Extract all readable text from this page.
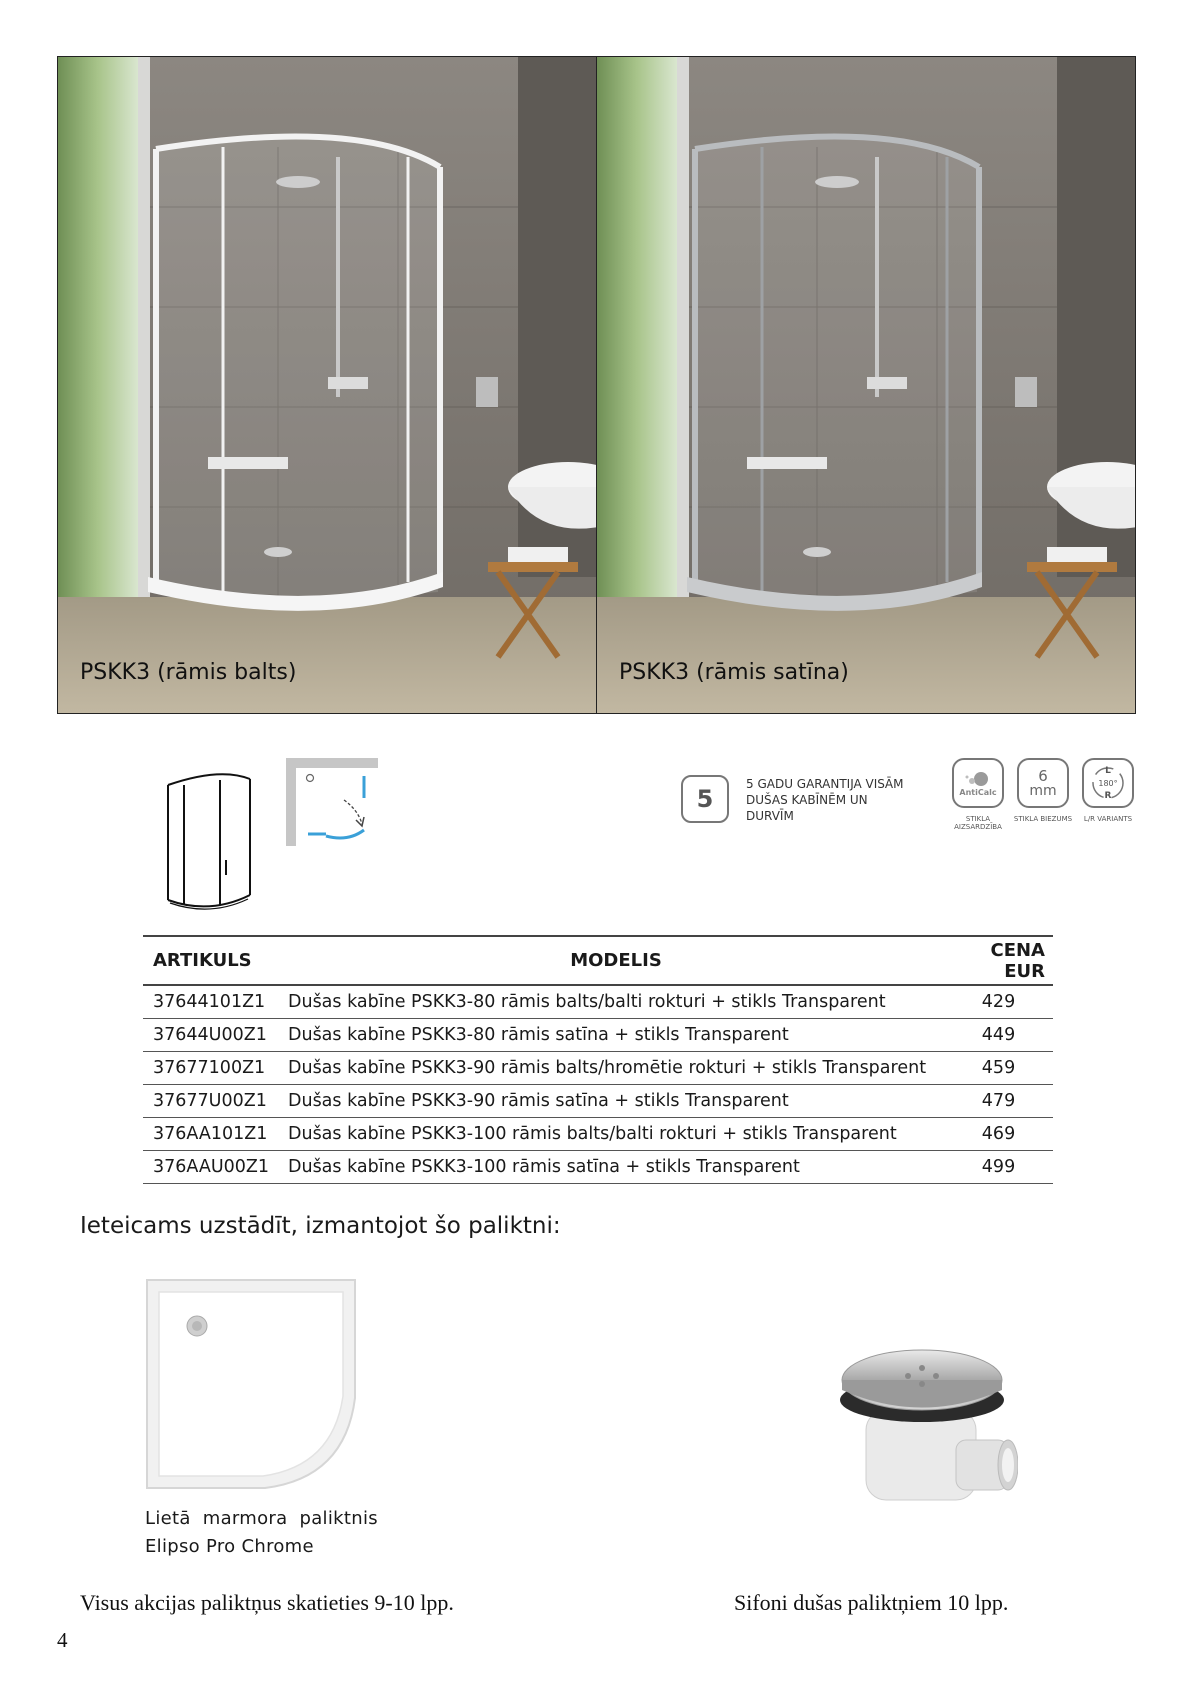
PSKK3 (rāmis balts)	PSKK3 (rāmis satīna)
5
5 GADU GARANTIJA VISĀM DUŠAS KABĪNĒM UN DURVĪM
AntiCalc
STIKLA AIZSARDZĪBA
6
mm
STIKLA BIEZUMS
L
180°
R
L/R VARIANTS
ARTIKULS	MODELIS	CENA EUR
37644101Z1	Dušas kabīne PSKK3-80 rāmis balts/balti rokturi + stikls Transparent	429
37644U00Z1	Dušas kabīne PSKK3-80 rāmis satīna + stikls Transparent	449
37677100Z1	Dušas kabīne PSKK3-90 rāmis balts/hromētie rokturi + stikls Transparent	459
37677U00Z1	Dušas kabīne PSKK3-90 rāmis satīna + stikls Transparent	479
376AA101Z1	Dušas kabīne PSKK3-100 rāmis balts/balti rokturi + stikls Transparent	469
376AAU00Z1	Dušas kabīne PSKK3-100 rāmis satīna + stikls Transparent	499
Ieteicams uzstādīt, izmantojot šo paliktni:
Lietā  marmora  paliktnis
Elipso Pro Chrome
Visus akcijas paliktņus skatieties 9-10 lpp.	Sifoni dušas paliktņiem 10 lpp.
4
